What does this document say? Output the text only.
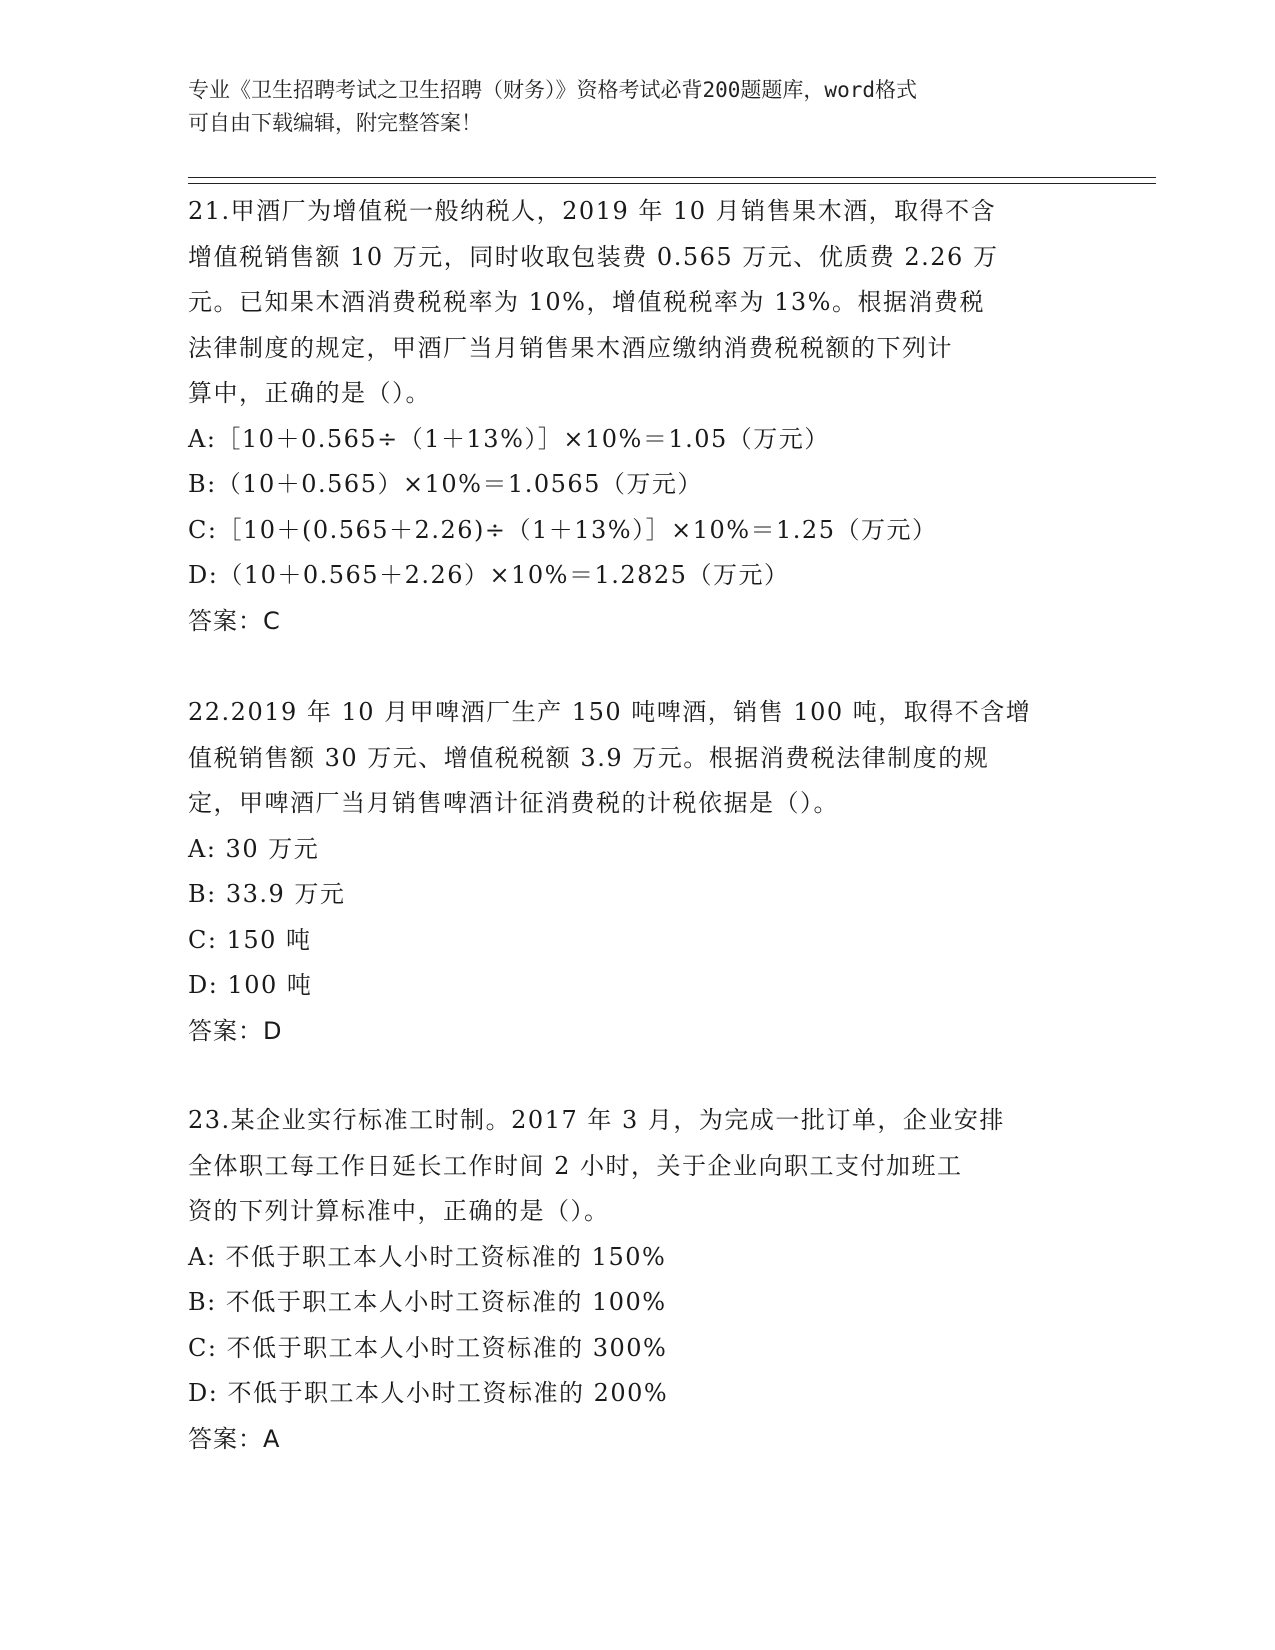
专业《卫生招聘考试之卫生招聘（财务）》资格考试必背200题题库，word格式

可自由下载编辑，附完整答案！

21.甲酒厂为增值税一般纳税人，2019 年 10 月销售果木酒，取得不含

增值税销售额 10 万元，同时收取包装费 0.565 万元、优质费 2.26 万

元。已知果木酒消费税税率为 10%，增值税税率为 13%。根据消费税

法律制度的规定，甲酒厂当月销售果木酒应缴纳消费税税额的下列计

算中，正确的是（）。

A:［10＋0.565÷（1＋13%）］×10%＝1.05（万元）

B:（10＋0.565）×10%＝1.0565（万元）

C:［10＋(0.565＋2.26)÷（1＋13%）］×10%＝1.25（万元）

D:（10＋0.565＋2.26）×10%＝1.2825（万元）

答案：C

22.2019 年 10 月甲啤酒厂生产 150 吨啤酒，销售 100 吨，取得不含增

值税销售额 30 万元、增值税税额 3.9 万元。根据消费税法律制度的规

定，甲啤酒厂当月销售啤酒计征消费税的计税依据是（）。

A: 30 万元

B: 33.9 万元

C: 150 吨

D: 100 吨

答案：D

23.某企业实行标准工时制。2017 年 3 月，为完成一批订单，企业安排

全体职工每工作日延长工作时间 2 小时，关于企业向职工支付加班工

资的下列计算标准中，正确的是（）。

A: 不低于职工本人小时工资标准的 150%

B: 不低于职工本人小时工资标准的 100%

C: 不低于职工本人小时工资标准的 300%

D: 不低于职工本人小时工资标准的 200%

答案：A
